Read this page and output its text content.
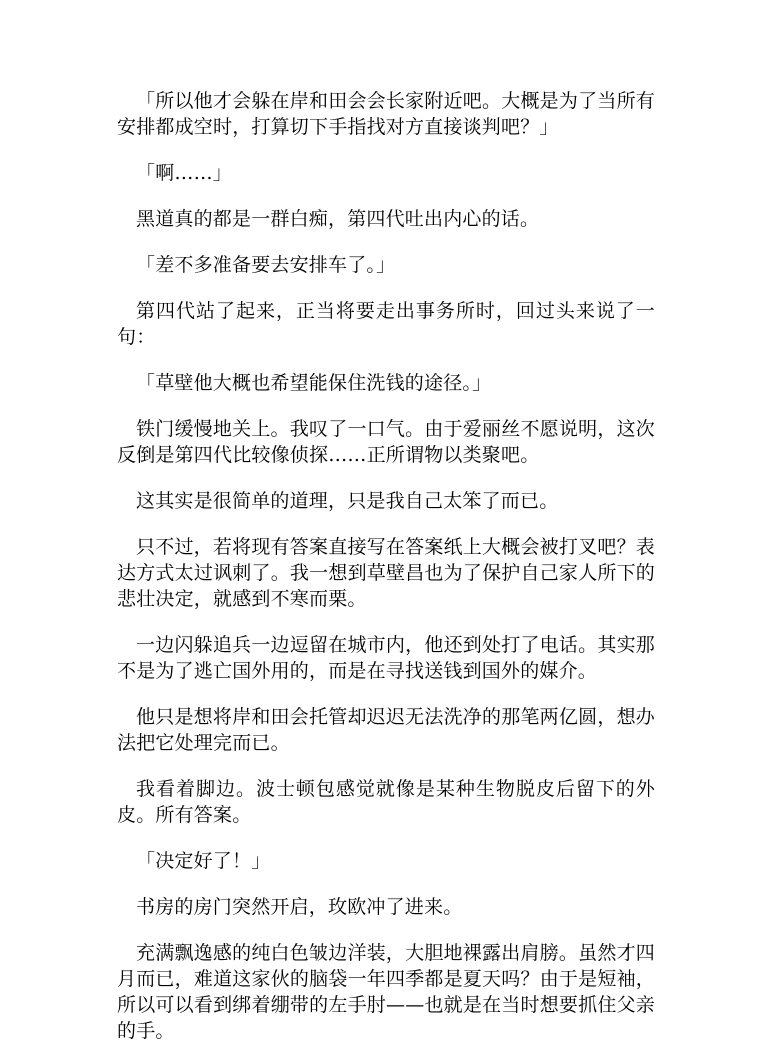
「所以他才会躲在岸和田会会长家附近吧。大概是为了当所有安排都成空时，打算切下手指找对方直接谈判吧？」

「啊……」

黑道真的都是一群白痴，第四代吐出内心的话。

「差不多准备要去安排车了。」

第四代站了起来，正当将要走出事务所时，回过头来说了一句：

「草壁他大概也希望能保住洗钱的途径。」

铁门缓慢地关上。我叹了一口气。由于爱丽丝不愿说明，这次反倒是第四代比较像侦探……正所谓物以类聚吧。

这其实是很简单的道理，只是我自己太笨了而已。

只不过，若将现有答案直接写在答案纸上大概会被打叉吧？表达方式太过讽刺了。我一想到草壁昌也为了保护自己家人所下的悲壮决定，就感到不寒而栗。

一边闪躲追兵一边逗留在城市内，他还到处打了电话。其实那不是为了逃亡国外用的，而是在寻找送钱到国外的媒介。

他只是想将岸和田会托管却迟迟无法洗净的那笔两亿圆，想办法把它处理完而已。

我看着脚边。波士顿包感觉就像是某种生物脱皮后留下的外皮。所有答案。

「决定好了！」

书房的房门突然开启，玫欧冲了进来。

充满飘逸感的纯白色皱边洋装，大胆地裸露出肩膀。虽然才四月而已，难道这家伙的脑袋一年四季都是夏天吗？由于是短袖，所以可以看到绑着绷带的左手肘——也就是在当时想要抓住父亲的手。
